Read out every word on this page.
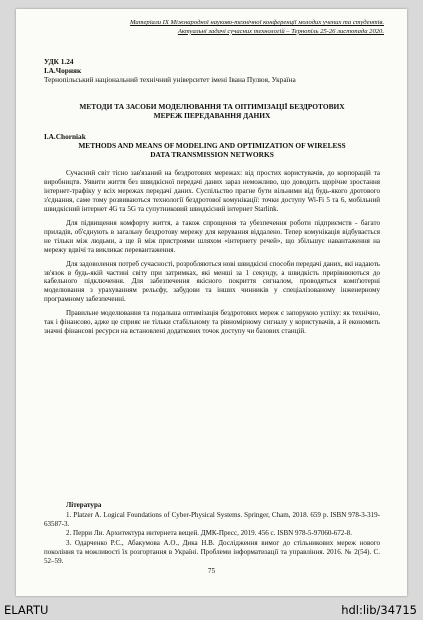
Матеріали IX Міжнародної науково-технічної конференції молодих учених та студентів.
Актуальні задачі сучасних технологій – Тернопіль 25-26 листопада 2020.
УДК 1.24
І.А.Чорняк
Тернопільський національний технічний університет імені Івана Пулюя, Україна
МЕТОДИ ТА ЗАСОБИ МОДЕЛЮВАННЯ ТА ОПТИМІЗАЦІЇ БЕЗДРОТОВИХ
МЕРЕЖ ПЕРЕДАВАННЯ ДАНИХ
I.A.Chorniak
METHODS AND MEANS OF MODELING AND OPTIMIZATION OF WIRELESS
DATA TRANSMISSION NETWORKS

Сучасний світ тісно зав'язаний на бездротових мережах: від простих користувачів, до корпорацій та виробництв. Уявити життя без швидкісної передачі даних зараз неможливо, що доводить щорічне зростання інтернет-трафіку у всіх мережах передачі даних. Суспільство прагне бути вільними від будь-якого дротового з'єднання, саме тому розвиваються технології бездротової комунікації: точки доступу Wi-Fi 5 та 6, мобільний швидкісний інтернет 4G та 5G та супутниковий швидкісний інтернет Starlink.

Для підвищення комфорту життя, а також спрощення та убезпечення роботи підприємств - багато приладів, об'єднують в загальну бездротову мережу для керування віддалено. Тепер комунікація відбувається не тільки між людьми, а ще й між пристроями шляхом «інтернету речей», що збільшує навантаження на мережу вдвічі та викликає перевантаження.

Для задоволення потреб сучасності, розробляються нові швидкісні способи передачі даних, які надають зв'язок в будь-якій частині світу при затримках, які менші за 1 секунду, а швидкість прирівнюються до кабельного підключення. Для забезпечення якісного покриття сигналом, проводяться комп'ютерні моделювання з урахуванням рельєфу, забудови та інших чинників у спеціалізованому інженерному програмному забезпеченні.

Правильне моделювання та подальша оптимізація бездротових мереж є запорукою успіху: як технічно, так і фінансово, адже це сприяє не тільки стабільному та рівномірному сигналу у користувачів, а й економить значні фінансові ресурси на встановлені додаткових точок доступу чи базових станцій.

Література

1. Platzer A. Logical Foundations of Cyber-Physical Systems. Springer, Cham, 2018. 659 p. ISBN 978-3-319-63587-3.

2. Перри Ли. Архитектура интернета вещей. ДМК-Пресс, 2019. 456 с. ISBN 978-5-97060-672-8.

3. Одарченко Р.С., Абакумова А.О., Дика Н.В. Дослідження вимог до стільникових мереж нового покоління та можливості їх розгортання в Україні. Проблеми інформатизації та управління. 2016. № 2(54). С. 52–59.

75
ELARTU	hdl:lib/34715
